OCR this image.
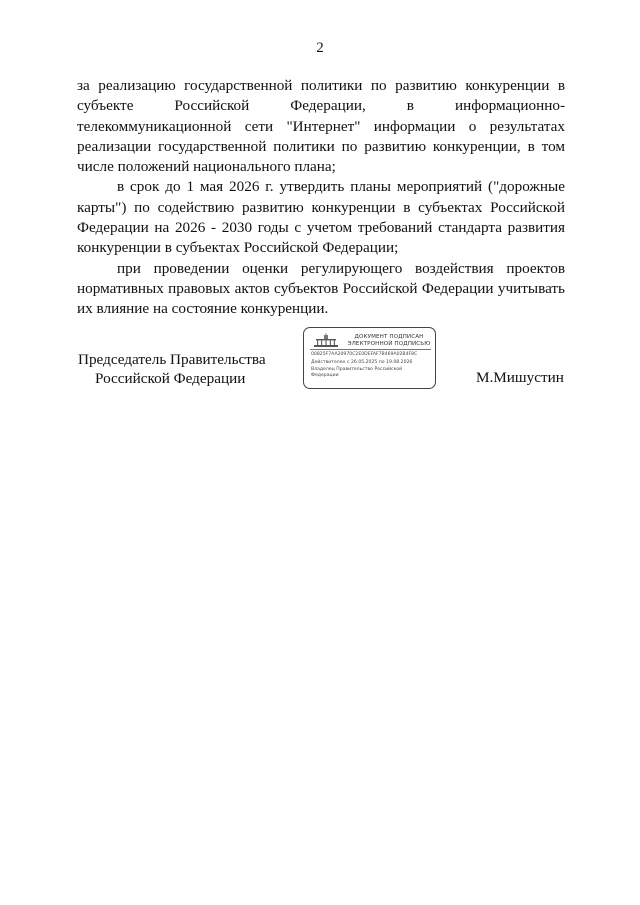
2

за реализацию государственной политики по развитию конкуренции в субъекте Российской Федерации, в информационно-телекоммуникационной сети "Интернет" информации о результатах реализации государственной политики по развитию конкуренции, в том числе положений национального плана;

в срок до 1 мая 2026 г. утвердить планы мероприятий ("дорожные карты") по содействию развитию конкуренции в субъектах Российской Федерации на 2026 - 2030 годы с учетом требований стандарта развития конкуренции в субъектах Российской Федерации;

при проведении оценки регулирующего воздействия проектов нормативных правовых актов субъектов Российской Федерации учитывать их влияние на состояние конкуренции.

Председатель Правительства
Российской Федерации
ДОКУМЕНТ ПОДПИСАН
ЭЛЕКТРОННОЙ ПОДПИСЬЮ
00825F7AA20970C2E0DEFAF7B469A02B4F8C
Действителен с 26.05.2025 по 19.08.2026
Владелец Правительство Российской
Федерации	М.Мишустин
